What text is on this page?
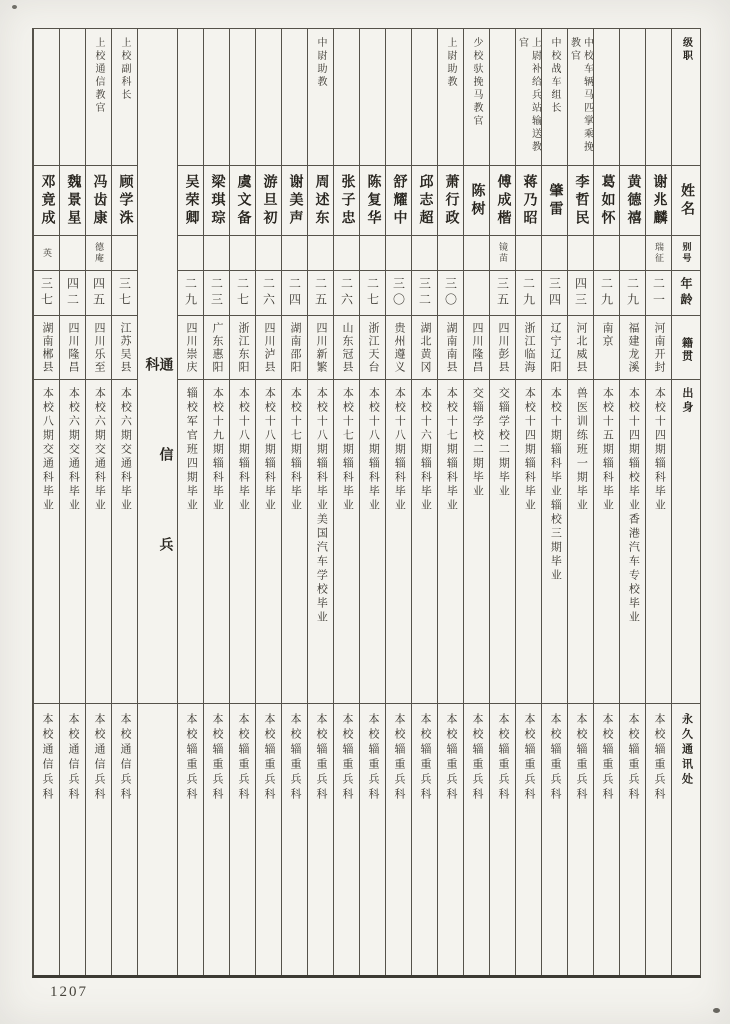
级职
姓名
别号
年龄
籍贯
出身
永久通讯处
谢兆麟
瑞征
二一
河南开封
本校十四期辎科毕业
本校辎重兵科
黄德禧
二九
福建龙溪
本校十四期辎校毕业香港汽车专校毕业
本校辎重兵科
葛如怀
二九
南京
本校十五期辎科毕业
本校辎重兵科
中校车辆马匹掌乘挽教官
李哲民
四三
河北威县
兽医训练班一期毕业
本校辎重兵科
中校战车组长
肇雷
三四
辽宁辽阳
本校十期辎科毕业辎校三期毕业
本校辎重兵科
上尉补给兵站输送教官
蒋乃昭
二九
浙江临海
本校十四期辎科毕业
本校辎重兵科
傅成楷
镜苗
三五
四川彭县
交辎学校二期毕业
本校辎重兵科
少校驮挽马教官
陈树
四川隆昌
交辎学校二期毕业
本校辎重兵科
上尉助教
萧行政
三〇
湖南南县
本校十七期辎科毕业
本校辎重兵科
邱志超
三二
湖北黄冈
本校十六期辎科毕业
本校辎重兵科
舒耀中
三〇
贵州遵义
本校十八期辎科毕业
本校辎重兵科
陈复华
二七
浙江天台
本校十八期辎科毕业
本校辎重兵科
张子忠
二六
山东冠县
本校十七期辎科毕业
本校辎重兵科
中尉助教
周述东
二五
四川新繁
本校十八期辎科毕业美国汽车学校毕业
本校辎重兵科
谢美声
二四
湖南邵阳
本校十七期辎科毕业
本校辎重兵科
游旦初
二六
四川泸县
本校十八期辎科毕业
本校辎重兵科
虞文备
二七
浙江东阳
本校十八期辎科毕业
本校辎重兵科
梁琪琮
二三
广东惠阳
本校十九期辎科毕业
本校辎重兵科
吴荣卿
二九
四川崇庆
辎校军官班四期毕业
本校辎重兵科
通信兵科
上校副科长
顾学洙
三七
江苏吴县
本校六期交通科毕业
本校通信兵科
上校通信教官
冯齿康
德庵
四五
四川乐至
本校六期交通科毕业
本校通信兵科
魏景星
四二
四川隆昌
本校六期交通科毕业
本校通信兵科
邓竟成
英
三七
湖南郴县
本校八期交通科毕业
本校通信兵科
1207
